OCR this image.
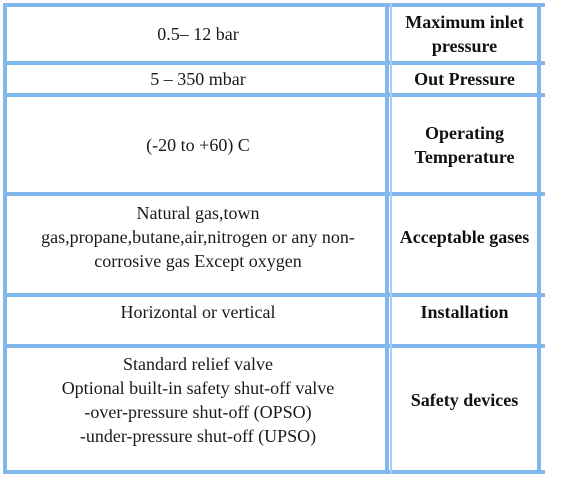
0.5– 12 bar
Maximum inlet pressure
5 – 350 mbar	Out Pressure
(-20 to +60) C
Operating Temperature
Natural gas,town
gas,propane,butane,air,nitrogen or any non-
corrosive gas Except oxygen
Acceptable gases
Horizontal or vertical	Installation
Standard relief valve
Optional built-in safety shut-off valve
-over-pressure shut-off (OPSO)
-under-pressure shut-off (UPSO)
Safety devices
